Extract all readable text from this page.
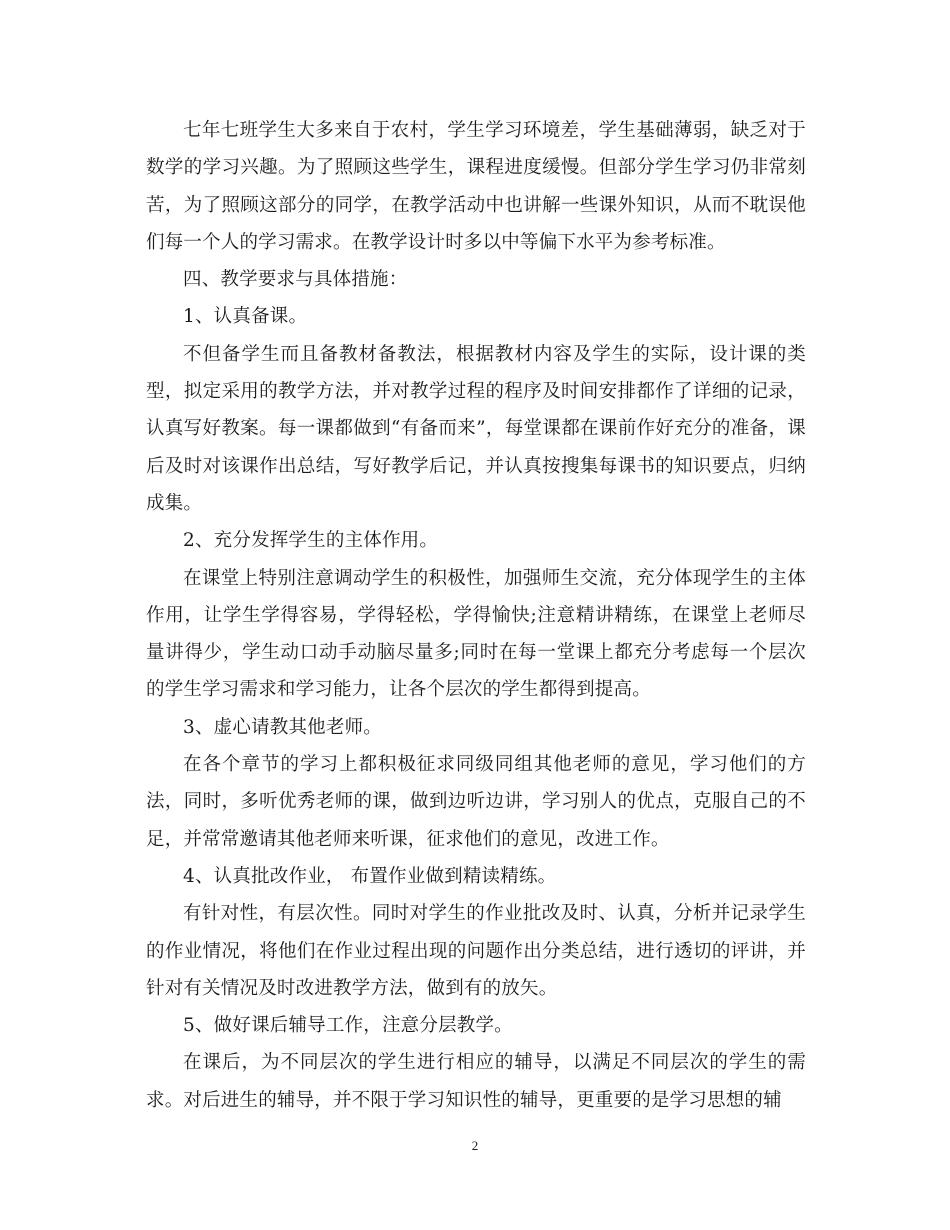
七年七班学生大多来自于农村，学生学习环境差，学生基础薄弱，缺乏对于数学的学习兴趣。为了照顾这些学生，课程进度缓慢。但部分学生学习仍非常刻苦，为了照顾这部分的同学，在教学活动中也讲解一些课外知识，从而不耽误他们每一个人的学习需求。在教学设计时多以中等偏下水平为参考标准。

四、教学要求与具体措施：

1、认真备课。

不但备学生而且备教材备教法，根据教材内容及学生的实际，设计课的类型，拟定采用的教学方法，并对教学过程的程序及时间安排都作了详细的记录，认真写好教案。每一课都做到“有备而来”，每堂课都在课前作好充分的准备，课后及时对该课作出总结，写好教学后记，并认真按搜集每课书的知识要点，归纳成集。

2、充分发挥学生的主体作用。

在课堂上特别注意调动学生的积极性，加强师生交流，充分体现学生的主体作用，让学生学得容易，学得轻松，学得愉快;注意精讲精练，在课堂上老师尽量讲得少，学生动口动手动脑尽量多;同时在每一堂课上都充分考虑每一个层次的学生学习需求和学习能力，让各个层次的学生都得到提高。

3、虚心请教其他老师。

在各个章节的学习上都积极征求同级同组其他老师的意见，学习他们的方法，同时，多听优秀老师的课，做到边听边讲，学习别人的优点，克服自己的不足，并常常邀请其他老师来听课，征求他们的意见，改进工作。

4、认真批改作业， 布置作业做到精读精练。

有针对性，有层次性。同时对学生的作业批改及时、认真，分析并记录学生的作业情况，将他们在作业过程出现的问题作出分类总结，进行透切的评讲，并针对有关情况及时改进教学方法，做到有的放矢。

5、做好课后辅导工作，注意分层教学。

在课后，为不同层次的学生进行相应的辅导，以满足不同层次的学生的需求。对后进生的辅导，并不限于学习知识性的辅导，更重要的是学习思想的辅

2
